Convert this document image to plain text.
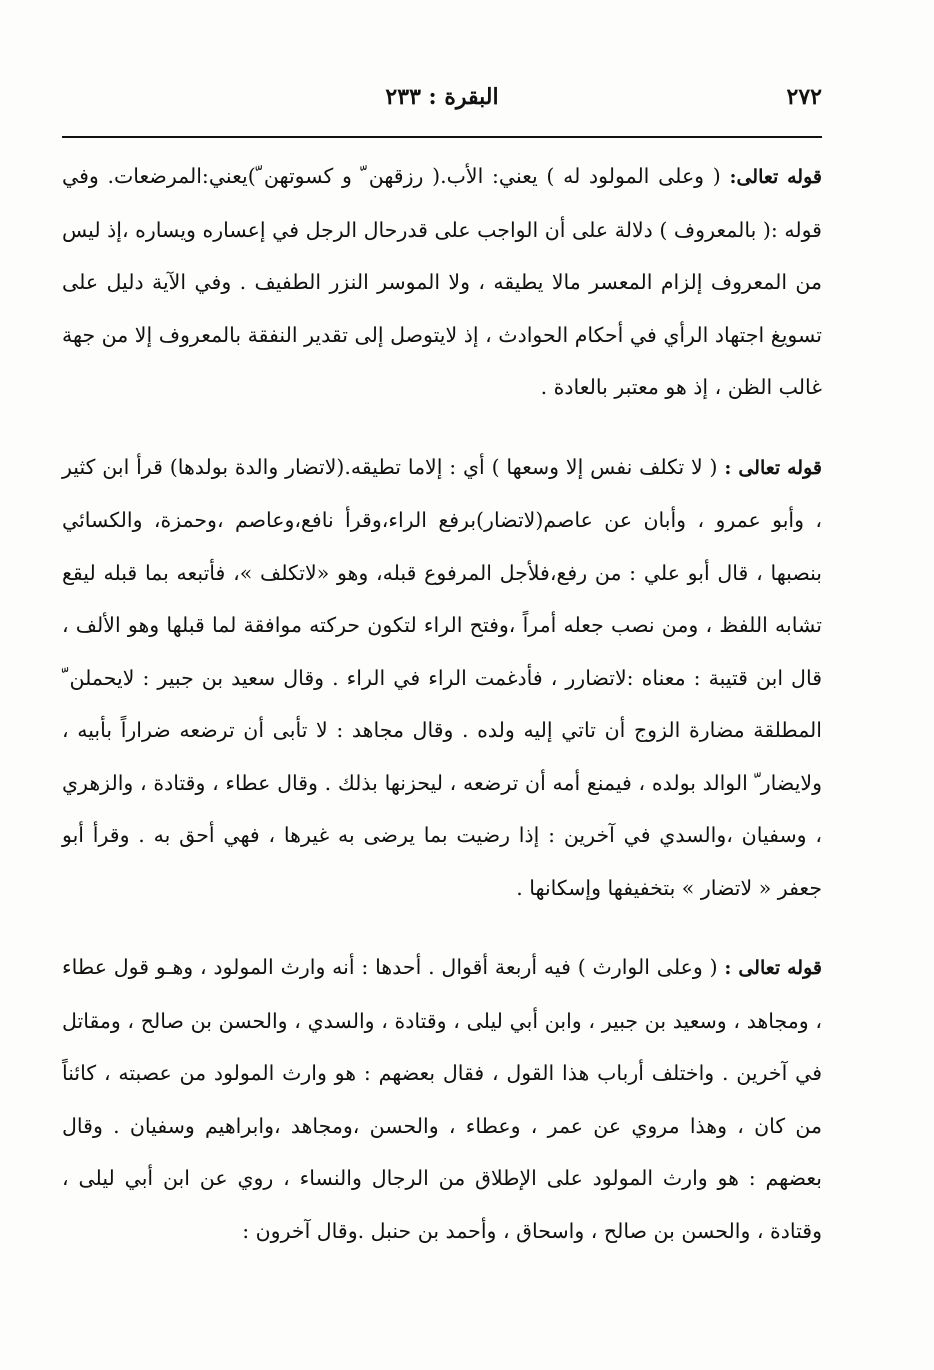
٢٧٢
البقرة : ٢٣٣

قوله تعالى: ( وعلى المولود له ) يعني: الأب.( رزقهن ّ و كسوتهن ّ)يعني:المرضعات. وفي قوله :( بالمعروف ) دلالة على أن الواجب على قدرحال الرجل في إعساره ويساره ،إذ ليس من المعروف إلزام المعسر مالا يطيقه ، ولا الموسر النزر الطفيف . وفي الآية دليل على تسويغ اجتهاد الرأي في أحكام الحوادث ، إذ لايتوصل إلى تقدير النفقة بالمعروف إلا من جهة غالب الظن ، إذ هو معتبر بالعادة .

قوله تعالى : ( لا تكلف نفس إلا وسعها ) أي : إلاما تطيقه.(لاتضار والدة بولدها) قرأ ابن كثير ، وأبو عمرو ، وأبان عن عاصم(لاتضار)برفع الراء،وقرأ نافع،وعاصم ،وحمزة، والكسائي بنصبها ، قال أبو علي : من رفع،فلأجل المرفوع قبله، وهو «لاتكلف »، فأتبعه بما قبله ليقع تشابه اللفظ ، ومن نصب جعله أمراً ،وفتح الراء لتكون حركته موافقة لما قبلها وهو الألف ، قال ابن قتيبة : معناه :لاتضارر ، فأدغمت الراء في الراء . وقال سعيد بن جبير : لايحملن ّ المطلقة مضارة الزوج أن تاتي إليه ولده . وقال مجاهد : لا تأبى أن ترضعه ضراراً بأبيه ، ولايضار ّ الوالد بولده ، فيمنع أمه أن ترضعه ، ليحزنها بذلك . وقال عطاء ، وقتادة ، والزهري ، وسفيان ،والسدي في آخرين : إذا رضيت بما يرضى به غيرها ، فهي أحق به . وقرأ أبو جعفر « لاتضار » بتخفيفها وإسكانها .

قوله تعالى : ( وعلى الوارث ) فيه أربعة أقوال . أحدها : أنه وارث المولود ، وهـو قول عطاء ، ومجاهد ، وسعيد بن جبير ، وابن أبي ليلى ، وقتادة ، والسدي ، والحسن بن صالح ، ومقاتل في آخرين . واختلف أرباب هذا القول ، فقال بعضهم : هو وارث المولود من عصبته ، كائناً من كان ، وهذا مروي عن عمر ، وعطاء ، والحسن ،ومجاهد ،وابراهيم وسفيان . وقال بعضهم : هو وارث المولود على الإطلاق من الرجال والنساء ، روي عن ابن أبي ليلى ، وقتادة ، والحسن بن صالح ، واسحاق ، وأحمد بن حنبل .وقال آخرون :
